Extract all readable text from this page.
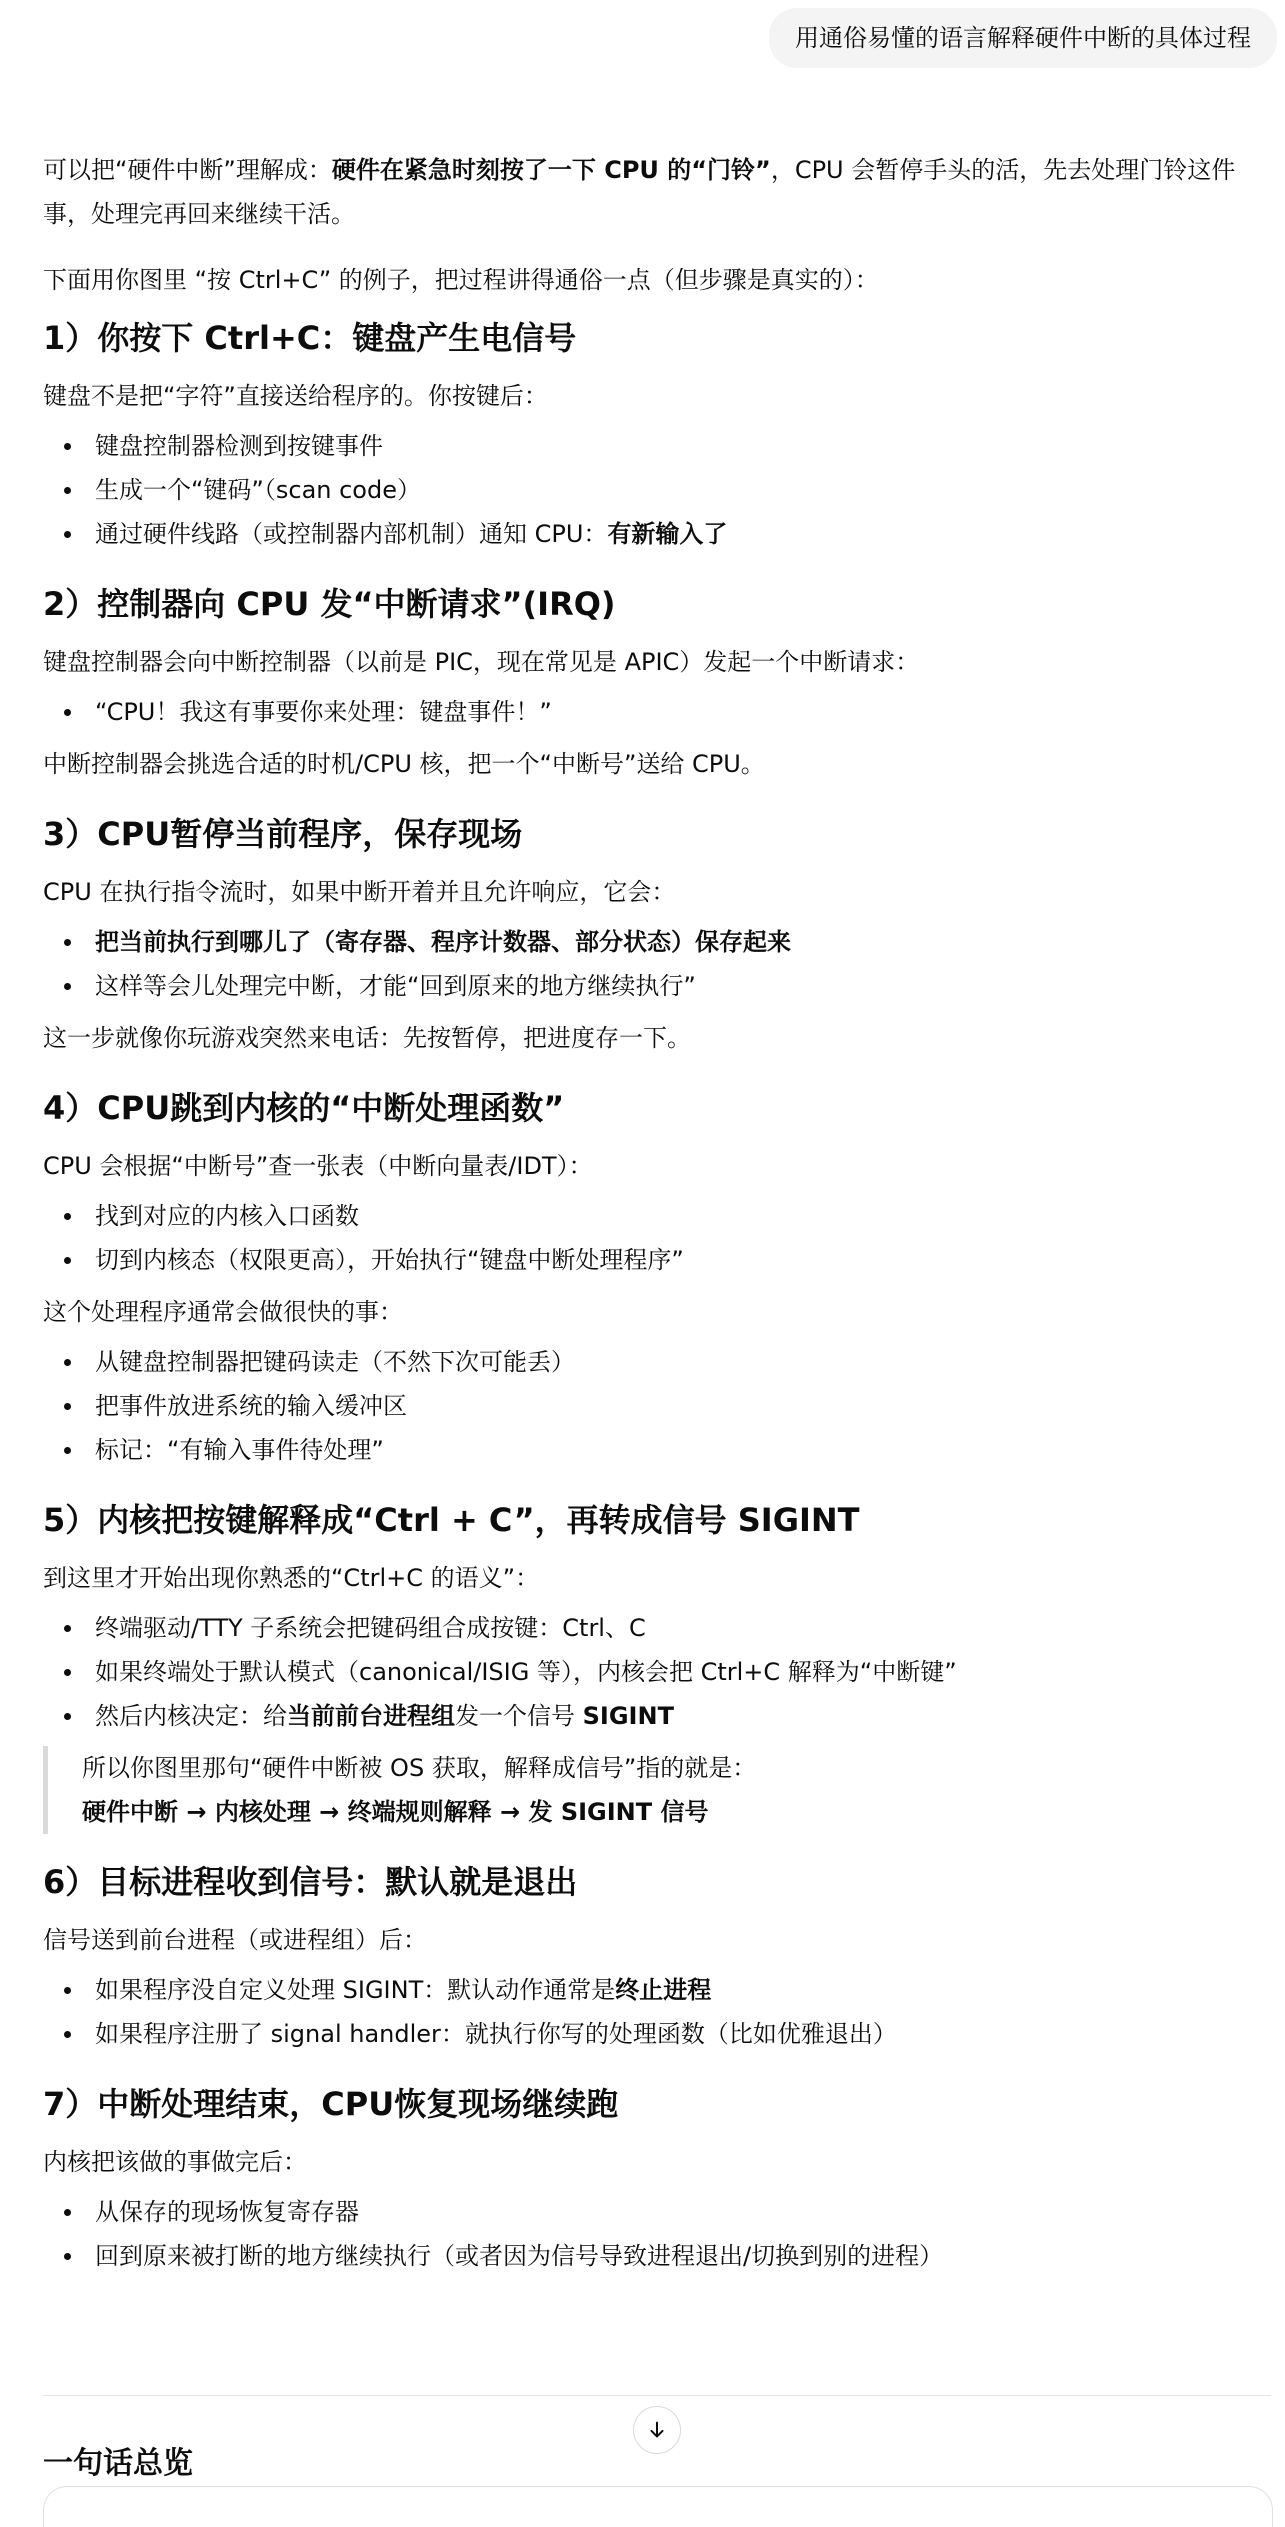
用通俗易懂的语言解释硬件中断的具体过程

可以把“硬件中断”理解成：硬件在紧急时刻按了一下 CPU 的“门铃”，CPU 会暂停手头的活，先去处理门铃这件事，处理完再回来继续干活。

下面用你图里 “按 Ctrl+C” 的例子，把过程讲得通俗一点（但步骤是真实的）：

1）你按下 Ctrl+C：键盘产生电信号

键盘不是把“字符”直接送给程序的。你按键后：

键盘控制器检测到按键事件
生成一个“键码”（scan code）
通过硬件线路（或控制器内部机制）通知 CPU：有新输入了
2）控制器向 CPU 发“中断请求”(IRQ)

键盘控制器会向中断控制器（以前是 PIC，现在常见是 APIC）发起一个中断请求：

“CPU！我这有事要你来处理：键盘事件！”

中断控制器会挑选合适的时机/CPU 核，把一个“中断号”送给 CPU。

3）CPU暂停当前程序，保存现场

CPU 在执行指令流时，如果中断开着并且允许响应，它会：

把当前执行到哪儿了（寄存器、程序计数器、部分状态）保存起来
这样等会儿处理完中断，才能“回到原来的地方继续执行”

这一步就像你玩游戏突然来电话：先按暂停，把进度存一下。

4）CPU跳到内核的“中断处理函数”

CPU 会根据“中断号”查一张表（中断向量表/IDT）：

找到对应的内核入口函数
切到内核态（权限更高），开始执行“键盘中断处理程序”

这个处理程序通常会做很快的事：

从键盘控制器把键码读走（不然下次可能丢）
把事件放进系统的输入缓冲区
标记：“有输入事件待处理”
5）内核把按键解释成“Ctrl + C”，再转成信号 SIGINT

到这里才开始出现你熟悉的“Ctrl+C 的语义”：

终端驱动/TTY 子系统会把键码组合成按键：Ctrl、C
如果终端处于默认模式（canonical/ISIG 等），内核会把 Ctrl+C 解释为“中断键”
然后内核决定：给当前前台进程组发一个信号 SIGINT

所以你图里那句“硬件中断被 OS 获取，解释成信号”指的就是：

硬件中断 → 内核处理 → 终端规则解释 → 发 SIGINT 信号

6）目标进程收到信号：默认就是退出

信号送到前台进程（或进程组）后：

如果程序没自定义处理 SIGINT：默认动作通常是终止进程
如果程序注册了 signal handler：就执行你写的处理函数（比如优雅退出）
7）中断处理结束，CPU恢复现场继续跑

内核把该做的事做完后：

从保存的现场恢复寄存器
回到原来被打断的地方继续执行（或者因为信号导致进程退出/切换到别的进程）
一句话总览
